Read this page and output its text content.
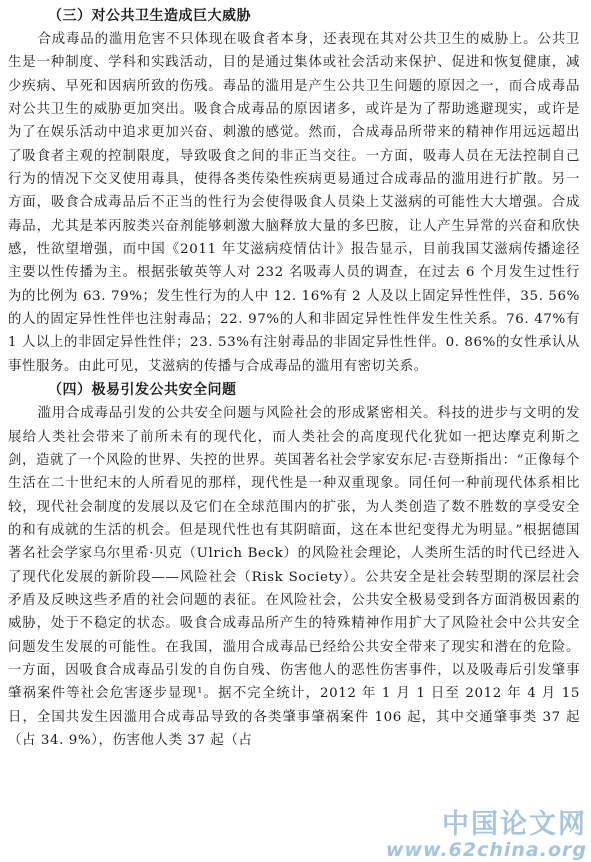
（三）对公共卫生造成巨大威胁

合成毒品的滥用危害不只体现在吸食者本身，还表现在其对公共卫生的威胁上。公共卫生是一种制度、学科和实践活动，目的是通过集体或社会活动来保护、促进和恢复健康，减少疾病、早死和因病所致的伤残。毒品的滥用是产生公共卫生问题的原因之一，而合成毒品对公共卫生的威胁更加突出。吸食合成毒品的原因诸多，或许是为了帮助逃避现实，或许是为了在娱乐活动中追求更加兴奋、刺激的感觉。然而，合成毒品所带来的精神作用远远超出了吸食者主观的控制限度，导致吸食之间的非正当交往。一方面，吸毒人员在无法控制自己行为的情况下交叉使用毒具，使得各类传染性疾病更易通过合成毒品的滥用进行扩散。另一方面，吸食合成毒品后不正当的性行为会使得吸食人员染上艾滋病的可能性大大增强。合成毒品，尤其是苯丙胺类兴奋剂能够刺激大脑释放大量的多巴胺，让人产生异常的兴奋和欣快感，性欲望增强，而中国《2011 年艾滋病疫情估计》报告显示，目前我国艾滋病传播途径主要以性传播为主。根据张敏英等人对 232 名吸毒人员的调查，在过去 6 个月发生过性行为的比例为 63. 79%；发生性行为的人中 12. 16%有 2 人及以上固定异性性伴，35. 56%的人的固定异性性伴也注射毒品；22. 97%的人和非固定异性性伴发生性关系。76. 47%有 1 人以上的非固定异性性伴；23. 53%有注射毒品的非固定异性性伴。0. 86%的女性承认从事性服务。由此可见，艾滋病的传播与合成毒品的滥用有密切关系。

（四）极易引发公共安全问题

滥用合成毒品引发的公共安全问题与风险社会的形成紧密相关。科技的进步与文明的发展给人类社会带来了前所未有的现代化，而人类社会的高度现代化犹如一把达摩克利斯之剑，造就了一个风险的世界、失控的世界。英国著名社会学家安东尼·吉登斯指出：“正像每个生活在二十世纪末的人所看见的那样，现代性是一种双重现象。同任何一种前现代体系相比较，现代社会制度的发展以及它们在全球范围内的扩张，为人类创造了数不胜数的享受安全的和有成就的生活的机会。但是现代性也有其阴暗面，这在本世纪变得尤为明显。”根据德国著名社会学家乌尔里希·贝克（Ulrich Beck）的风险社会理论，人类所生活的时代已经进入了现代化发展的新阶段——风险社会（Risk Society）。公共安全是社会转型期的深层社会矛盾及反映这些矛盾的社会问题的表征。在风险社会，公共安全极易受到各方面消极因素的威胁，处于不稳定的状态。吸食合成毒品所产生的特殊精神作用扩大了风险社会中公共安全问题发生发展的可能性。在我国，滥用合成毒品已经给公共安全带来了现实和潜在的危险。一方面，因吸食合成毒品引发的自伤自残、伤害他人的恶性伤害事件，以及吸毒后引发肇事肇祸案件等社会危害逐步显现¹。据不完全统计，2012 年 1 月 1 日至 2012 年 4 月 15 日，全国共发生因滥用合成毒品导致的各类肇事肇祸案件 106 起，其中交通肇事类 37 起（占 34. 9%），伤害他人类 37 起（占

中国论文网
www.62china.org
